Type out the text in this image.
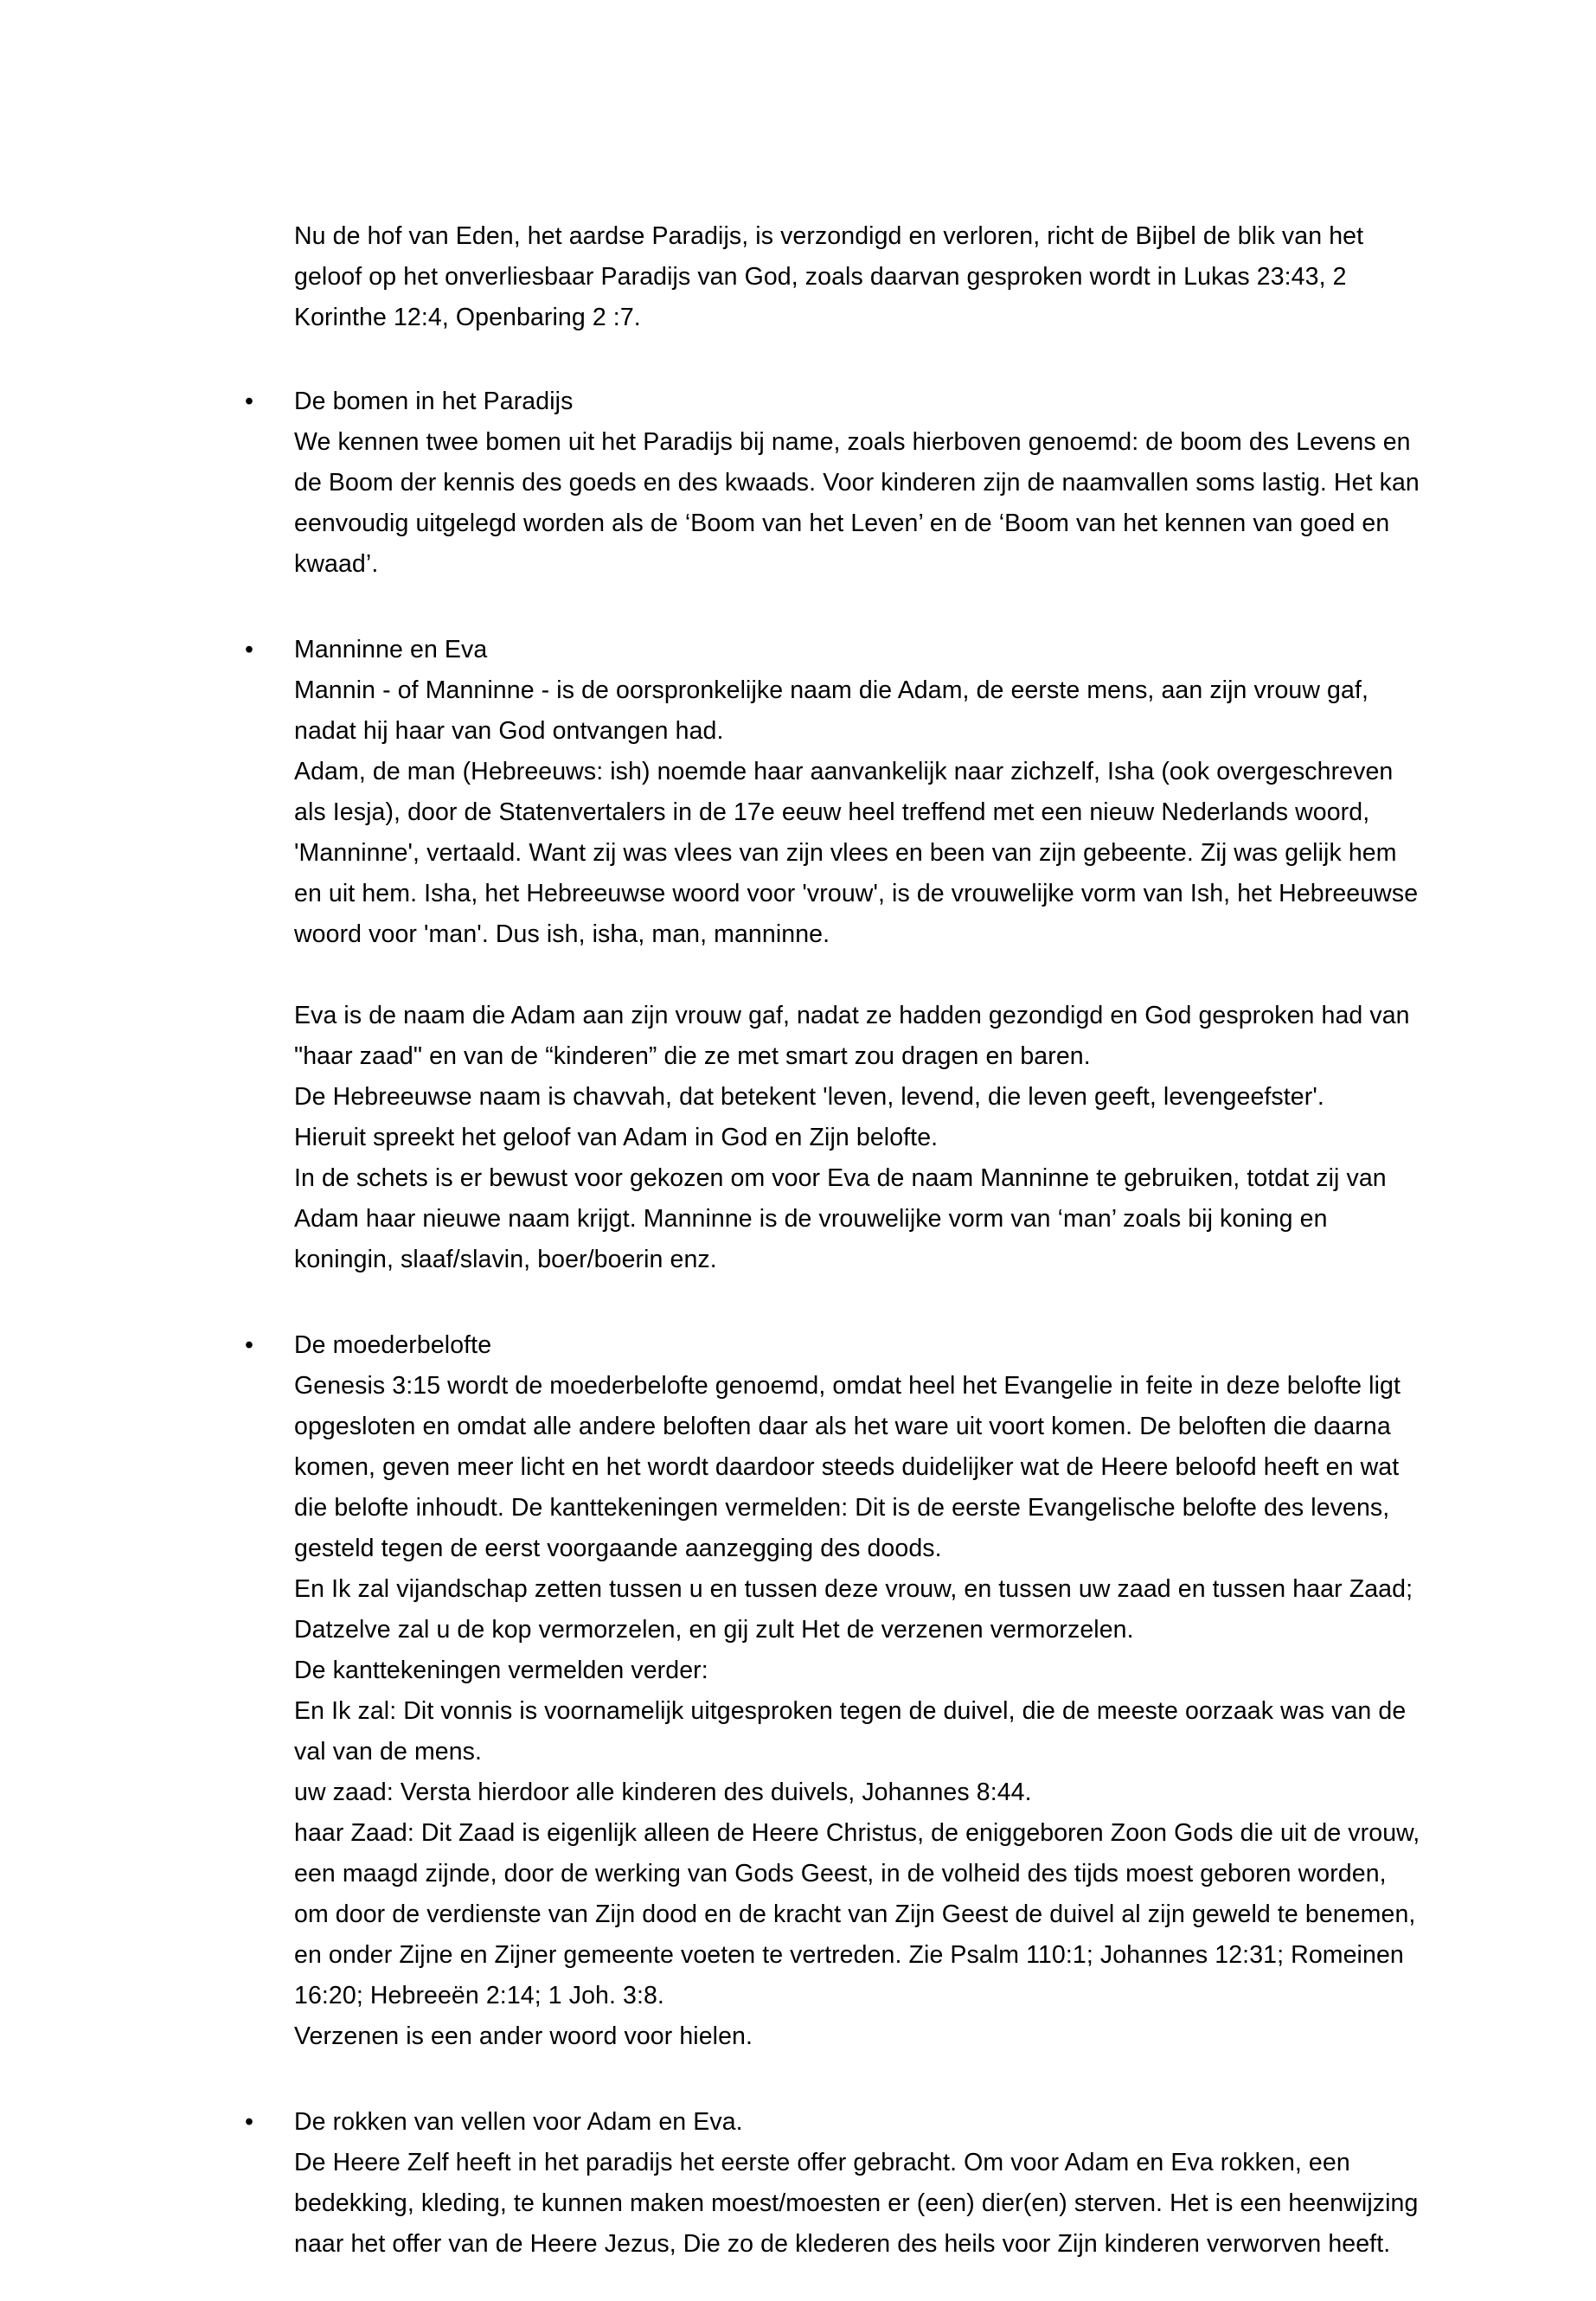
Nu de hof van Eden, het aardse Paradijs, is verzondigd en verloren, richt de Bijbel de blik van het geloof op het onverliesbaar Paradijs van God, zoals daarvan gesproken wordt in Lukas 23:43, 2 Korinthe 12:4, Openbaring 2 :7.

•	De bomen in het Paradijs
We kennen twee bomen uit het Paradijs bij name, zoals hierboven genoemd: de boom des Levens en de Boom der kennis des goeds en des kwaads. Voor kinderen zijn de naamvallen soms lastig. Het kan eenvoudig uitgelegd worden als de ‘Boom van het Leven’ en de ‘Boom van het kennen van goed en kwaad’.
•	Manninne en Eva
Mannin - of Manninne - is de oorspronkelijke naam die Adam, de eerste mens, aan zijn vrouw gaf, nadat hij haar van God ontvangen had.
Adam, de man (Hebreeuws: ish) noemde haar aanvankelijk naar zichzelf, Isha (ook overgeschreven als Iesja), door de Statenvertalers in de 17e eeuw heel treffend met een nieuw Nederlands woord, 'Manninne', vertaald. Want zij was vlees van zijn vlees en been van zijn gebeente. Zij was gelijk hem en uit hem. Isha, het Hebreeuwse woord voor 'vrouw', is de vrouwelijke vorm van Ish, het Hebreeuwse woord voor 'man'. Dus ish, isha, man, manninne.
Eva is de naam die Adam aan zijn vrouw gaf, nadat ze hadden gezondigd en God gesproken had van "haar zaad" en van de “kinderen” die ze met smart zou dragen en baren.
De Hebreeuwse naam is chavvah, dat betekent 'leven, levend, die leven geeft, levengeefster'.
Hieruit spreekt het geloof van Adam in God en Zijn belofte.
In de schets is er bewust voor gekozen om voor Eva de naam Manninne te gebruiken, totdat zij van Adam haar nieuwe naam krijgt. Manninne is de vrouwelijke vorm van ‘man’ zoals bij koning en koningin, slaaf/slavin, boer/boerin enz.
•	De moederbelofte
Genesis 3:15 wordt de moederbelofte genoemd, omdat heel het Evangelie in feite in deze belofte ligt opgesloten en omdat alle andere beloften daar als het ware uit voort komen. De beloften die daarna komen, geven meer licht en het wordt daardoor steeds duidelijker wat de Heere beloofd heeft en wat die belofte inhoudt. De kanttekeningen vermelden: Dit is de eerste Evangelische belofte des levens, gesteld tegen de eerst voorgaande aanzegging des doods.
En Ik zal vijandschap zetten tussen u en tussen deze vrouw, en tussen uw zaad en tussen haar Zaad; Datzelve zal u de kop vermorzelen, en gij zult Het de verzenen vermorzelen.
De kanttekeningen vermelden verder:
En Ik zal: Dit vonnis is voornamelijk uitgesproken tegen de duivel, die de meeste oorzaak was van de val van de mens.
uw zaad: Versta hierdoor alle kinderen des duivels, Johannes 8:44.
haar Zaad: Dit Zaad is eigenlijk alleen de Heere Christus, de eniggeboren Zoon Gods die uit de vrouw, een maagd zijnde, door de werking van Gods Geest, in de volheid des tijds moest geboren worden, om door de verdienste van Zijn dood en de kracht van Zijn Geest de duivel al zijn geweld te benemen, en onder Zijne en Zijner gemeente voeten te vertreden. Zie Psalm 110:1; Johannes 12:31; Romeinen 16:20; Hebreeën 2:14; 1 Joh. 3:8.
Verzenen is een ander woord voor hielen.
•	De rokken van vellen voor Adam en Eva.
De Heere Zelf heeft in het paradijs het eerste offer gebracht. Om voor Adam en Eva rokken, een bedekking, kleding, te kunnen maken moest/moesten er (een) dier(en) sterven. Het is een heenwijzing naar het offer van de Heere Jezus, Die zo de klederen des heils voor Zijn kinderen verworven heeft.
